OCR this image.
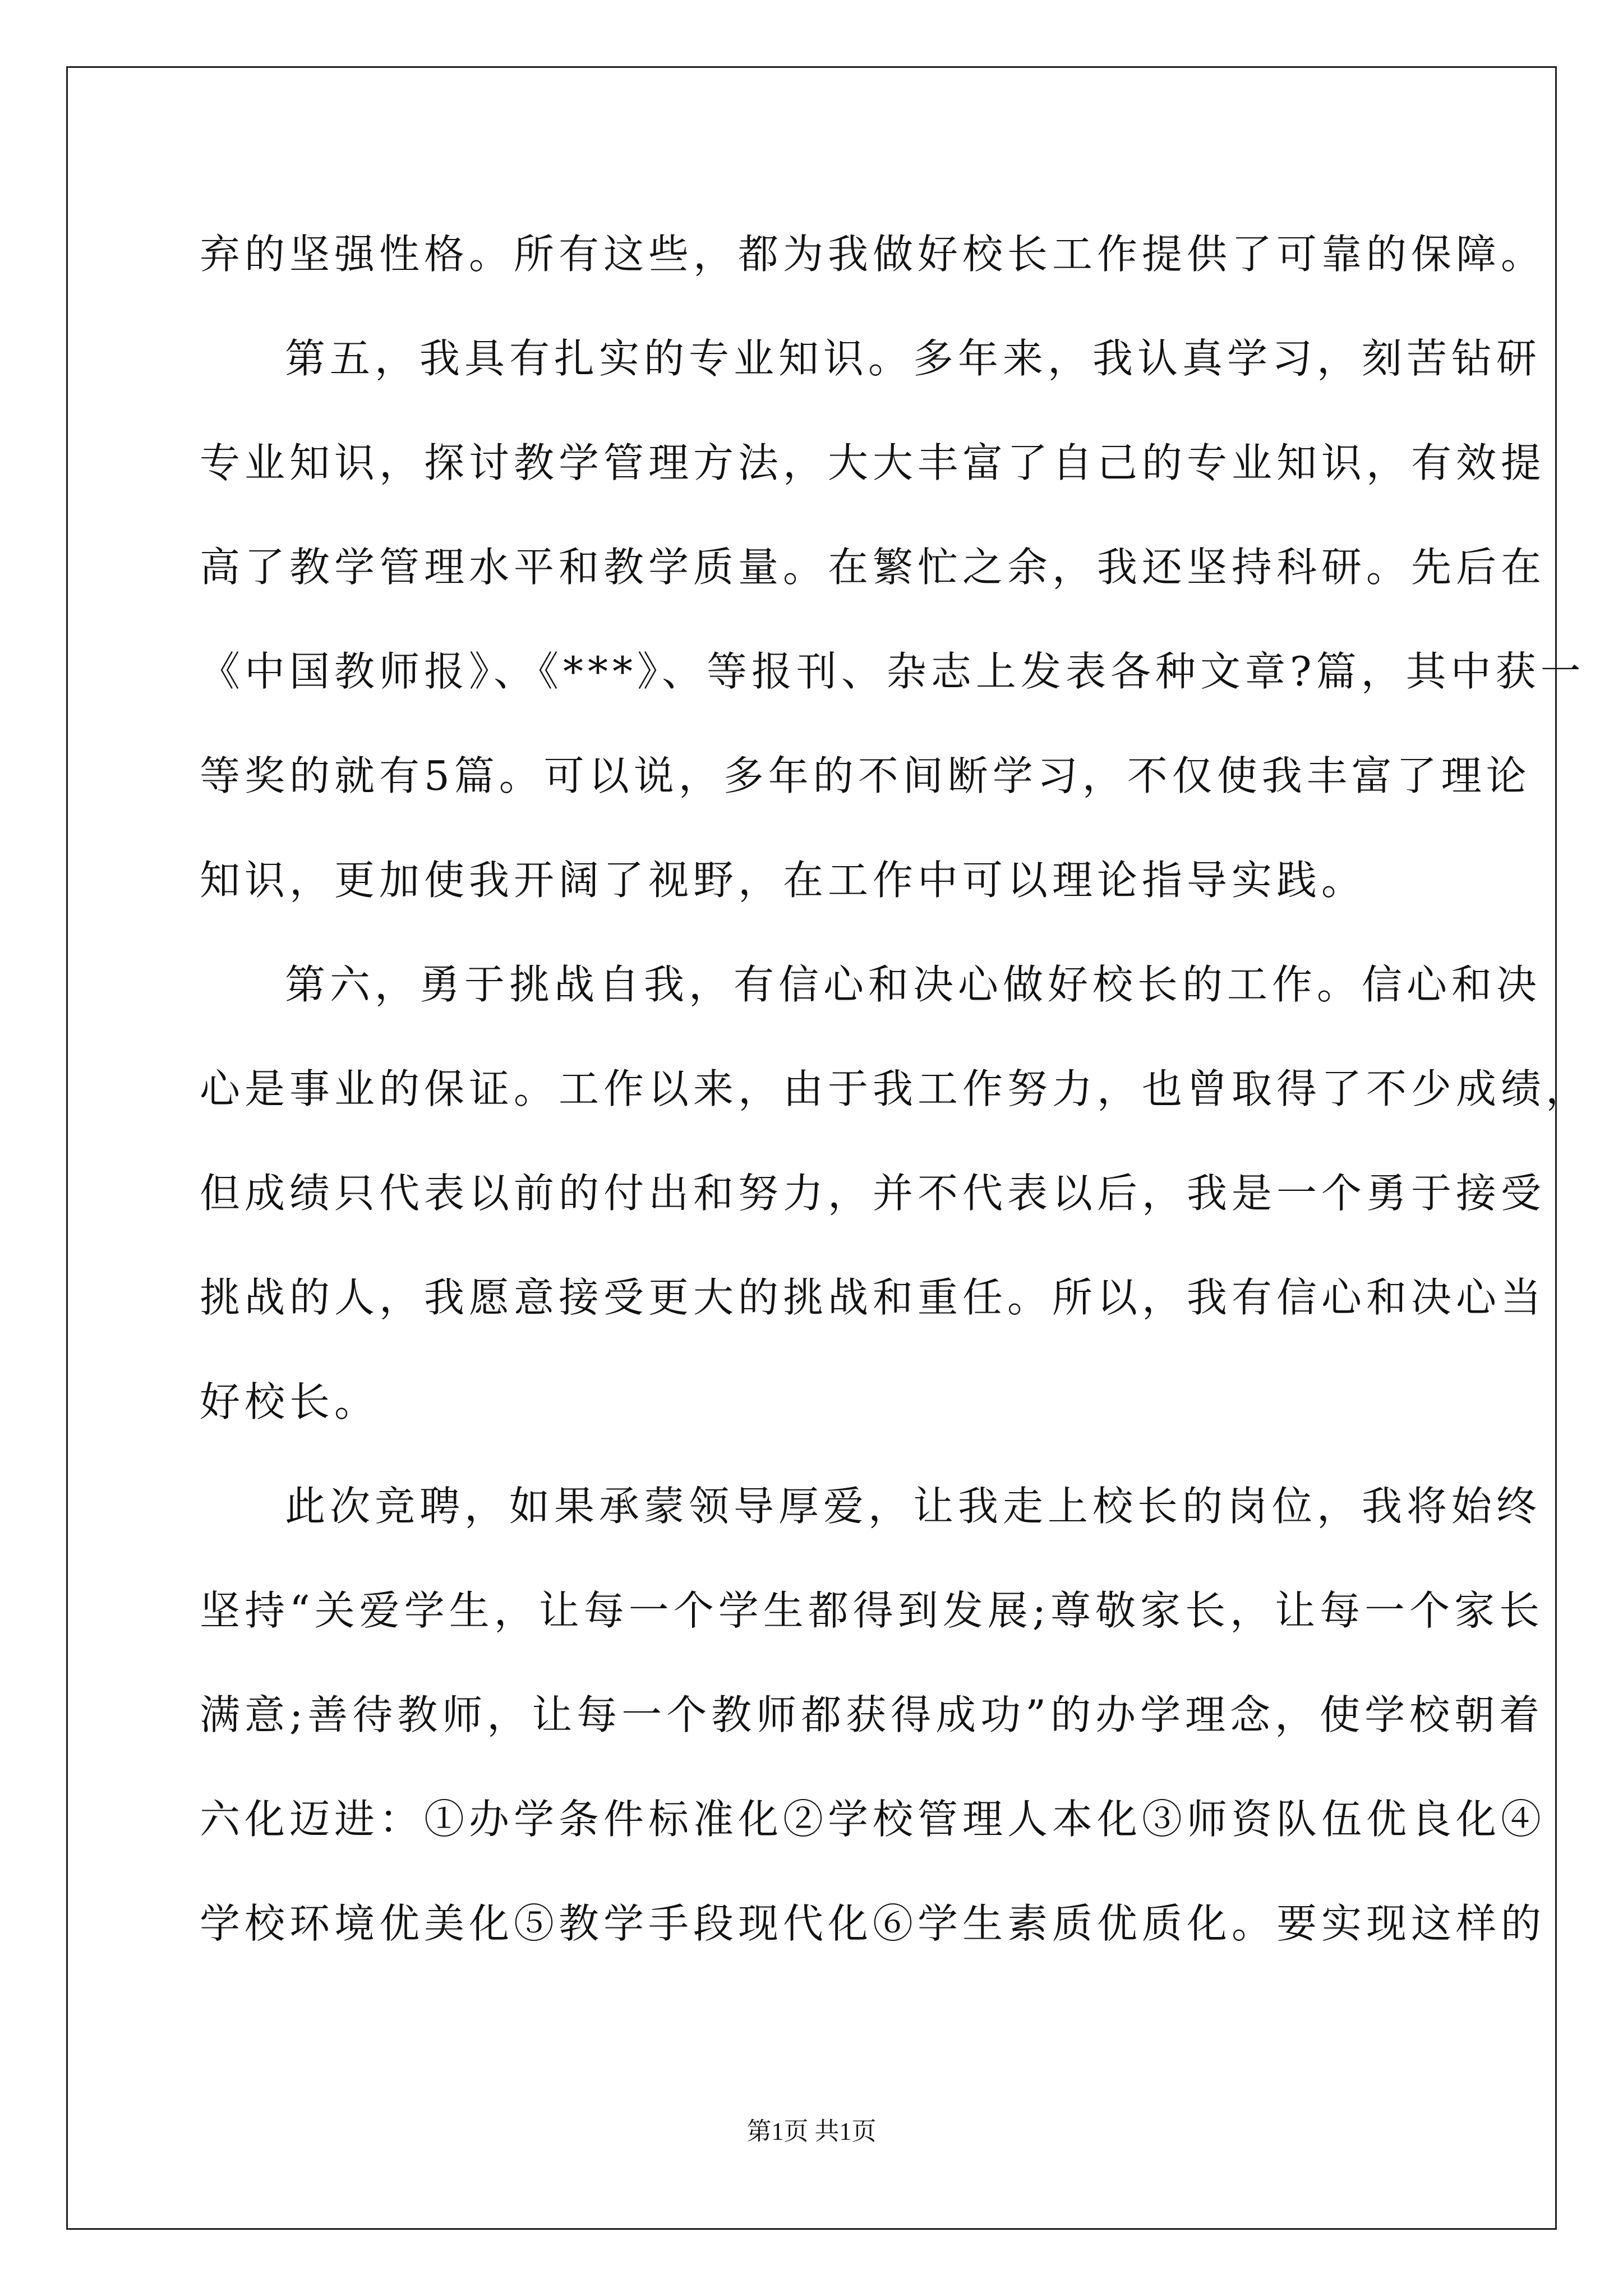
弃的坚强性格。所有这些，都为我做好校长工作提供了可靠的保障。
第五，我具有扎实的专业知识。多年来，我认真学习，刻苦钻研
专业知识，探讨教学管理方法，大大丰富了自己的专业知识，有效提
高了教学管理水平和教学质量。在繁忙之余，我还坚持科研。先后在
《中国教师报》、《***》、等报刊、杂志上发表各种文章?篇，其中获一
等奖的就有5篇。可以说，多年的不间断学习，不仅使我丰富了理论
知识，更加使我开阔了视野，在工作中可以理论指导实践。
第六，勇于挑战自我，有信心和决心做好校长的工作。信心和决
心是事业的保证。工作以来，由于我工作努力，也曾取得了不少成绩，
但成绩只代表以前的付出和努力，并不代表以后，我是一个勇于接受
挑战的人，我愿意接受更大的挑战和重任。所以，我有信心和决心当
好校长。
此次竞聘，如果承蒙领导厚爱，让我走上校长的岗位，我将始终
坚持“关爱学生，让每一个学生都得到发展;尊敬家长，让每一个家长
满意;善待教师，让每一个教师都获得成功”的办学理念，使学校朝着
六化迈进：①办学条件标准化②学校管理人本化③师资队伍优良化④
学校环境优美化⑤教学手段现代化⑥学生素质优质化。要实现这样的
第1页 共1页
